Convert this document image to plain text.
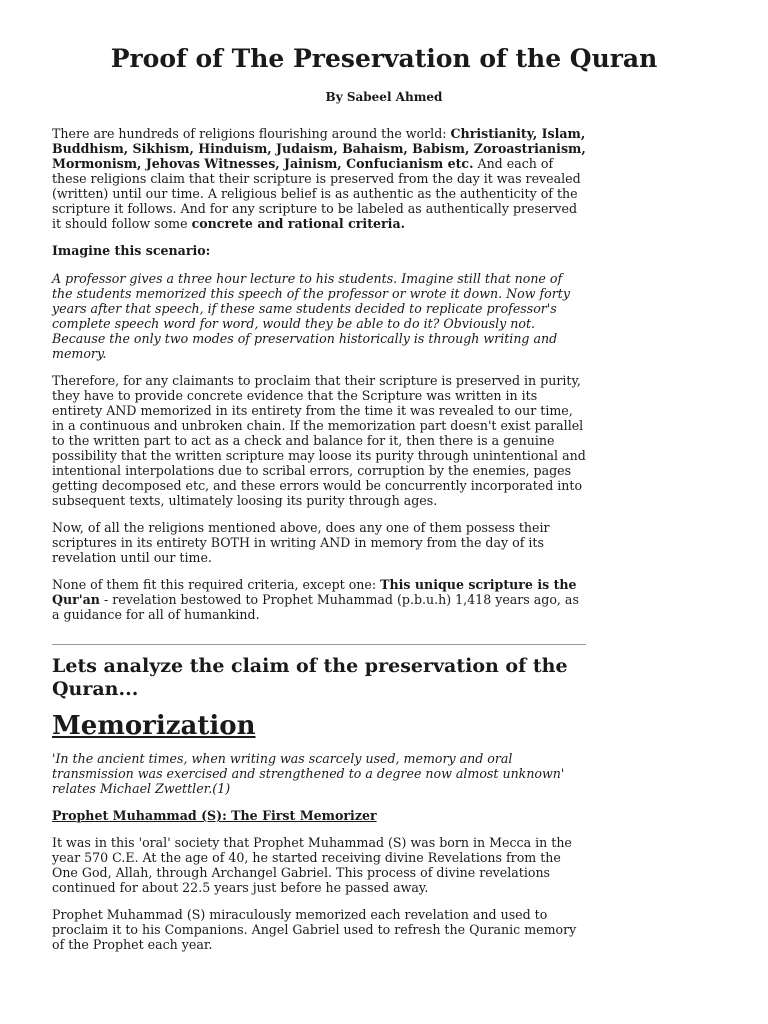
Proof of The Preservation of the Quran
By Sabeel Ahmed

There are hundreds of religions flourishing around the world: Christianity, Islam, Buddhism, Sikhism, Hinduism, Judaism, Bahaism, Babism, Zoroastrianism, Mormonism, Jehovas Witnesses, Jainism, Confucianism etc. And each of these religions claim that their scripture is preserved from the day it was revealed (written) until our time. A religious belief is as authentic as the authenticity of the scripture it follows. And for any scripture to be labeled as authentically preserved it should follow some concrete and rational criteria.

Imagine this scenario:

A professor gives a three hour lecture to his students. Imagine still that none of the students memorized this speech of the professor or wrote it down. Now forty years after that speech, if these same students decided to replicate professor's complete speech word for word, would they be able to do it? Obviously not. Because the only two modes of preservation historically is through writing and memory.

Therefore, for any claimants to proclaim that their scripture is preserved in purity, they have to provide concrete evidence that the Scripture was written in its entirety AND memorized in its entirety from the time it was revealed to our time, in a continuous and unbroken chain. If the memorization part doesn't exist parallel to the written part to act as a check and balance for it, then there is a genuine possibility that the written scripture may loose its purity through unintentional and intentional interpolations due to scribal errors, corruption by the enemies, pages getting decomposed etc, and these errors would be concurrently incorporated into subsequent texts, ultimately loosing its purity through ages.

Now, of all the religions mentioned above, does any one of them possess their scriptures in its entirety BOTH in writing AND in memory from the day of its revelation until our time.

None of them fit this required criteria, except one: This unique scripture is the Qur'an - revelation bestowed to Prophet Muhammad (p.b.u.h) 1,418 years ago, as a guidance for all of humankind.

Lets analyze the claim of the preservation of the Quran...
Memorization

'In the ancient times, when writing was scarcely used, memory and oral transmission was exercised and strengthened to a degree now almost unknown' relates Michael Zwettler.(1)

Prophet Muhammad (S): The First Memorizer

It was in this 'oral' society that Prophet Muhammad (S) was born in Mecca in the year 570 C.E. At the age of 40, he started receiving divine Revelations from the One God, Allah, through Archangel Gabriel. This process of divine revelations continued for about 22.5 years just before he passed away.

Prophet Muhammad (S) miraculously memorized each revelation and used to proclaim it to his Companions. Angel Gabriel used to refresh the Quranic memory of the Prophet each year.
